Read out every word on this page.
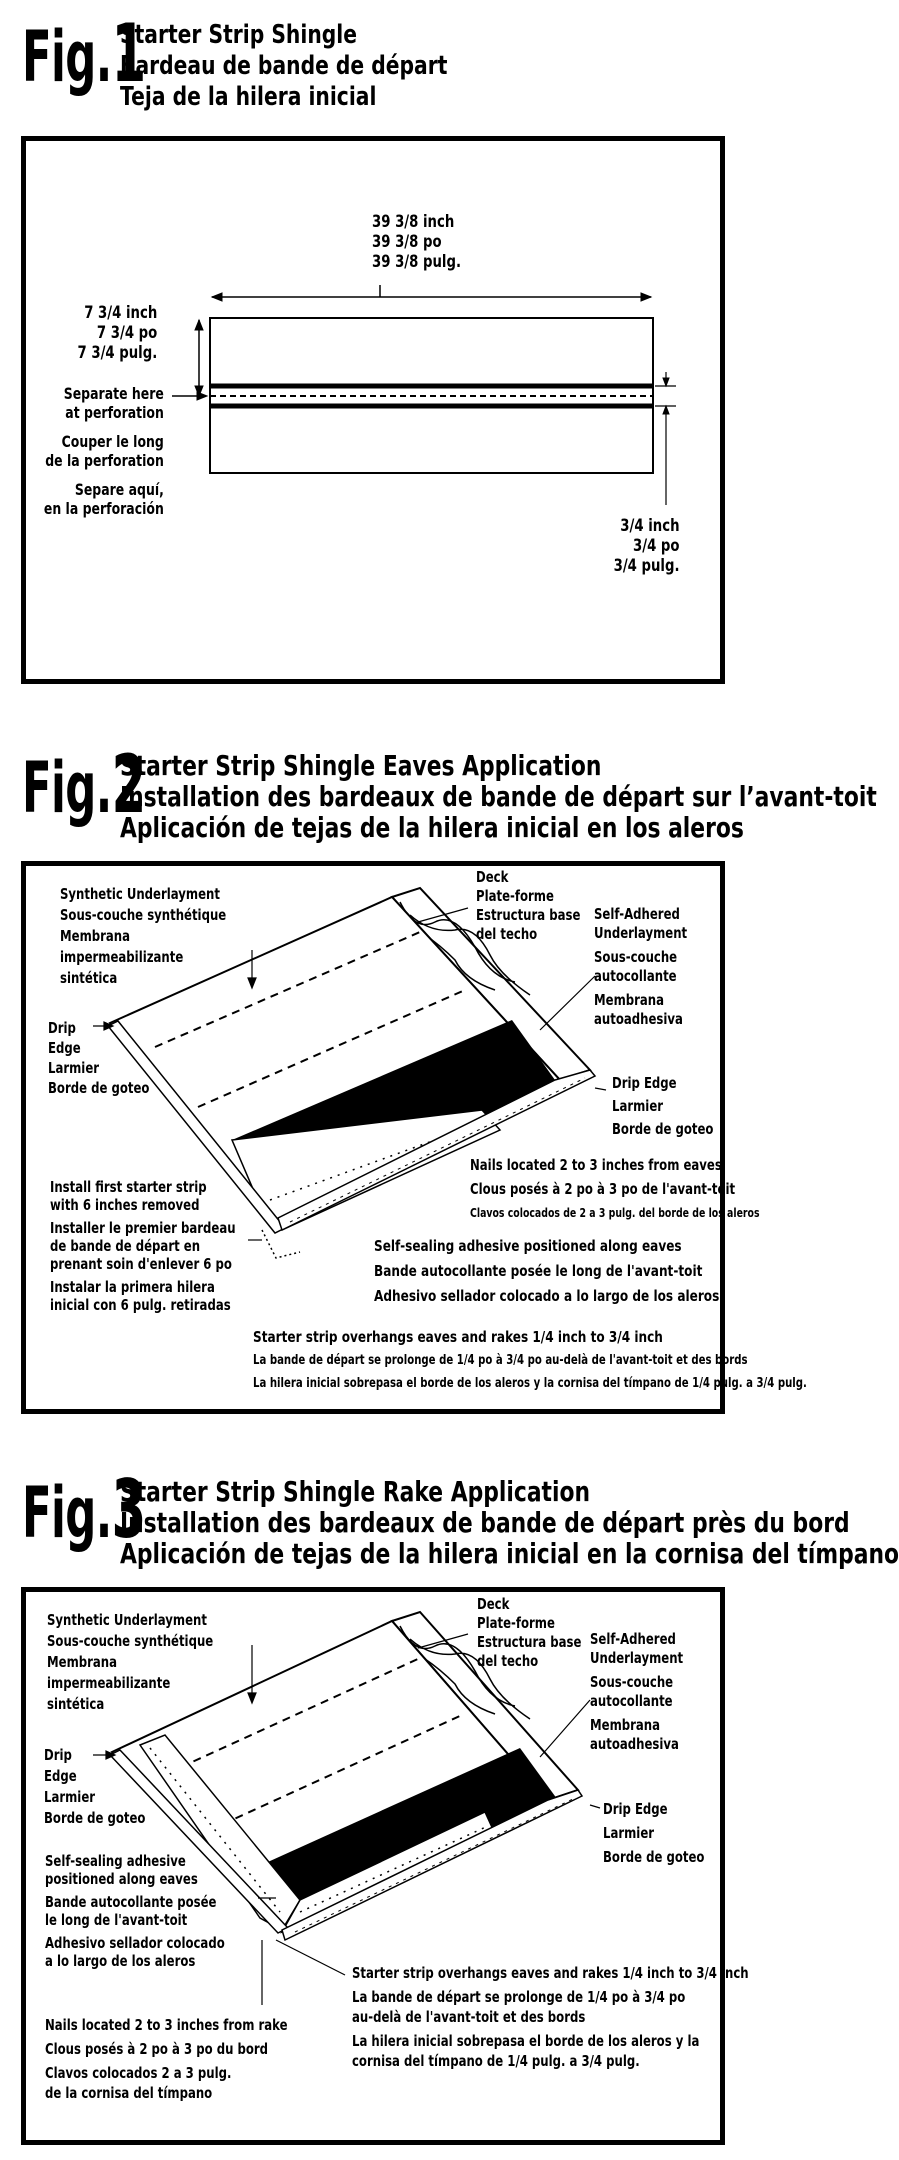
Fig.1
Starter Strip Shingle
Bardeau de bande de départ
Teja de la hilera inicial
39 3/8 inch
39 3/8 po
39 3/8 pulg.
7 3/4 inch
7 3/4 po
7 3/4 pulg.
Separate here
at perforation
Couper le long
de la perforation
Separe aquí,
en la perforación
3/4 inch
3/4 po
3/4 pulg.
Fig.2
Starter Strip Shingle Eaves Application
Installation des bardeaux de bande de départ sur l’avant-toit
Aplicación de tejas de la hilera inicial en los aleros
Synthetic Underlayment
Sous-couche synthétique
Membrana
impermeabilizante
sintética
Deck
Plate-forme
Estructura base
del techo
Self-Adhered
Underlayment
Sous-couche
autocollante
Membrana
autoadhesiva
Drip
Edge
Larmier
Borde de goteo	Drip Edge
Larmier
Borde de goteo
Nails located 2 to 3 inches from eaves
Clous posés à 2 po à 3 po de l'avant-toit
Clavos colocados de 2 a 3 pulg. del borde de los aleros
Install first starter strip
with 6 inches removed
Installer le premier bardeau
de bande de départ en
prenant soin d'enlever 6 po
Instalar la primera hilera
inicial con 6 pulg. retiradas
Self-sealing adhesive positioned along eaves
Bande autocollante posée le long de l'avant-toit
Adhesivo sellador colocado a lo largo de los aleros
Starter strip overhangs eaves and rakes 1/4 inch to 3/4 inch
La bande de départ se prolonge de 1/4 po à 3/4 po au-delà de l'avant-toit et des bords
La hilera inicial sobrepasa el borde de los aleros y la cornisa del tímpano de 1/4 pulg. a 3/4 pulg.
Fig.3
Starter Strip Shingle Rake Application
Installation des bardeaux de bande de départ près du bord
Aplicación de tejas de la hilera inicial en la cornisa del tímpano
Synthetic Underlayment
Sous-couche synthétique
Membrana
impermeabilizante
sintética
Deck
Plate-forme
Estructura base
del techo
Self-Adhered
Underlayment
Sous-couche
autocollante
Membrana
autoadhesiva
Drip
Edge
Larmier
Borde de goteo	Drip Edge
Larmier
Borde de goteo
Self-sealing adhesive
positioned along eaves
Bande autocollante posée
le long de l'avant-toit
Adhesivo sellador colocado
a lo largo de los aleros
Nails located 2 to 3 inches from rake
Clous posés à 2 po à 3 po du bord
Clavos colocados 2 a 3 pulg.
de la cornisa del tímpano
Starter strip overhangs eaves and rakes 1/4 inch to 3/4 inch
La bande de départ se prolonge de 1/4 po à 3/4 po
au-delà de l'avant-toit et des bords
La hilera inicial sobrepasa el borde de los aleros y la
cornisa del tímpano de 1/4 pulg. a 3/4 pulg.
